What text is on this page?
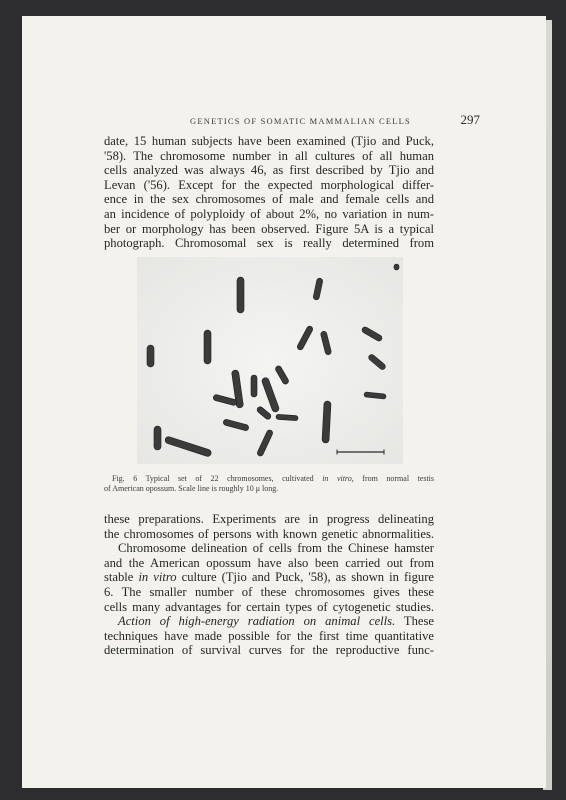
GENETICS OF SOMATIC MAMMALIAN CELLS	297

date, 15 human subjects have been examined (Tjio and Puck,
'58). The chromosome number in all cultures of all human
cells analyzed was always 46, as first described by Tjio and
Levan ('56). Except for the expected morphological differ-
ence in the sex chromosomes of male and female cells and
an incidence of polyploidy of about 2%, no variation in num-
ber or morphology has been observed. Figure 5A is a typical
photograph. Chromosomal sex is really determined from

Fig. 6 Typical set of 22 chromosomes, cultivated in vitro, from normal testis
of American opossum. Scale line is roughly 10 μ long.

these preparations. Experiments are in progress delineating
the chromosomes of persons with known genetic abnormalities.
Chromosome delineation of cells from the Chinese hamster
and the American opossum have also been carried out from
stable in vitro culture (Tjio and Puck, '58), as shown in figure
6. The smaller number of these chromosomes gives these
cells many advantages for certain types of cytogenetic studies.
Action of high-energy radiation on animal cells. These
techniques have made possible for the first time quantitative
determination of survival curves for the reproductive func-
